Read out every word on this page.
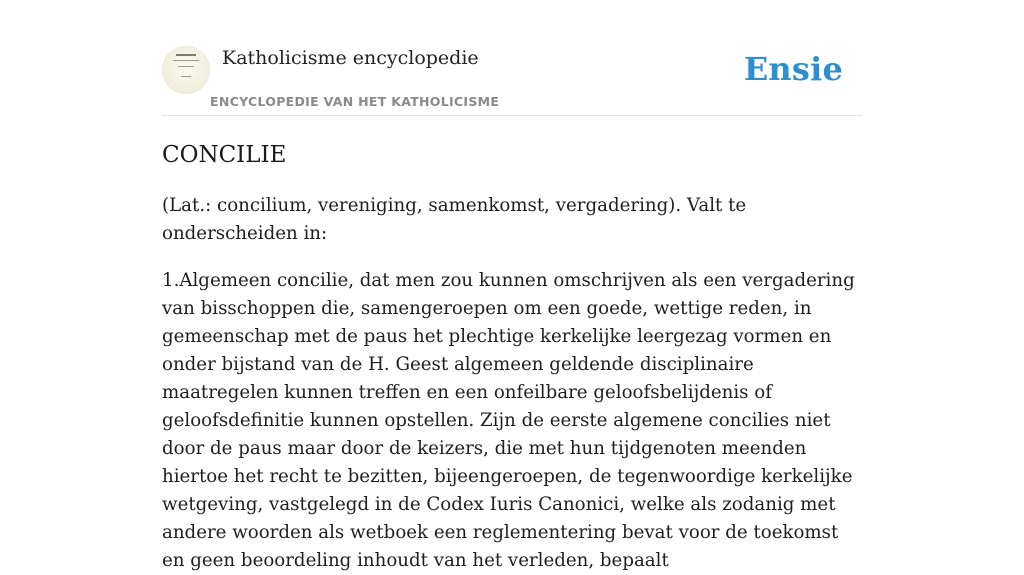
Katholicisme encyclopedie
ENCYCLOPEDIE VAN HET KATHOLICISME
Ensie
CONCILIE

(Lat.: concilium, vereniging, samenkomst, vergadering). Valt te onderscheiden in:

1.Algemeen concilie, dat men zou kunnen omschrijven als een vergadering van bisschoppen die, samengeroepen om een goede, wettige reden, in gemeenschap met de paus het plechtige kerkelijke leergezag vormen en onder bijstand van de H. Geest algemeen geldende disciplinaire maatregelen kunnen treffen en een onfeilbare geloofsbelijdenis of geloofsdefinitie kunnen opstellen. Zijn de eerste algemene concilies niet door de paus maar door de keizers, die met hun tijdgenoten meenden hiertoe het recht te bezitten, bijeengeroepen, de tegenwoordige kerkelijke wetgeving, vastgelegd in de Codex Iuris Canonici, welke als zodanig met andere woorden als wetboek een reglementering bevat voor de toekomst en geen beoordeling inhoudt van het verleden, bepaalt
